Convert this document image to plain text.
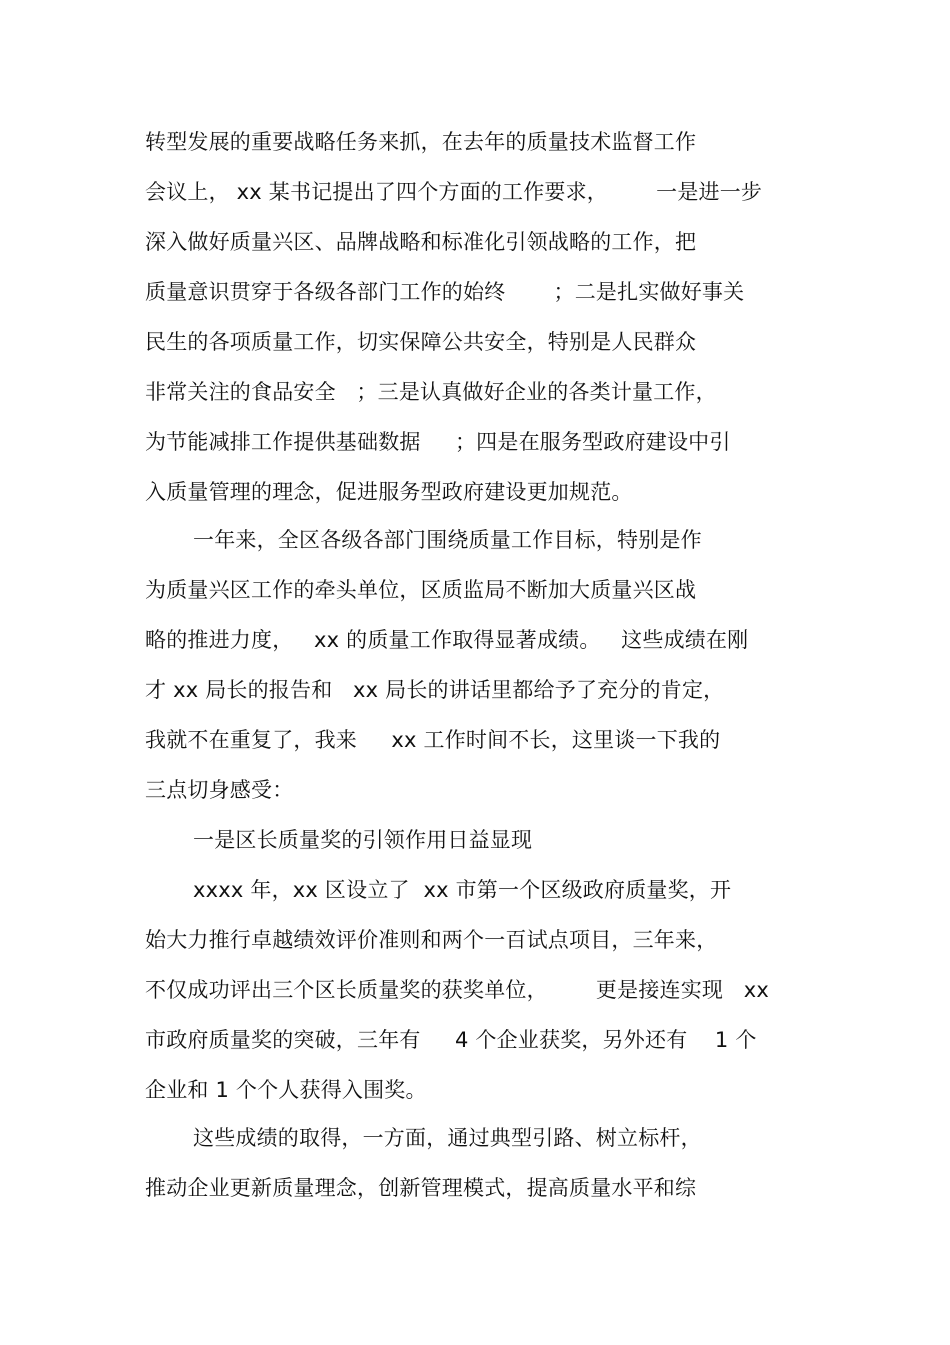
转型发展的重要战略任务来抓，在去年的质量技术监督工作
会议上， xx 某书记提出了四个方面的工作要求，       一是进一步
深入做好质量兴区、品牌战略和标准化引领战略的工作，把
质量意识贯穿于各级各部门工作的始终       ；二是扎实做好事关
民生的各项质量工作，切实保障公共安全，特别是人民群众
非常关注的食品安全   ；三是认真做好企业的各类计量工作，
为节能减排工作提供基础数据     ；四是在服务型政府建设中引
入质量管理的理念，促进服务型政府建设更加规范。
一年来，全区各级各部门围绕质量工作目标，特别是作
为质量兴区工作的牵头单位，区质监局不断加大质量兴区战
略的推进力度，   xx 的质量工作取得显著成绩。   这些成绩在刚
才 xx 局长的报告和   xx 局长的讲话里都给予了充分的肯定，
我就不在重复了，我来     xx 工作时间不长，这里谈一下我的
三点切身感受：
一是区长质量奖的引领作用日益显现
xxxx 年，xx 区设立了  xx 市第一个区级政府质量奖，开
始大力推行卓越绩效评价准则和两个一百试点项目，三年来，
不仅成功评出三个区长质量奖的获奖单位，       更是接连实现   xx
市政府质量奖的突破，三年有     4 个企业获奖，另外还有    1 个
企业和 1 个个人获得入围奖。
这些成绩的取得，一方面，通过典型引路、树立标杆，
推动企业更新质量理念，创新管理模式，提高质量水平和综
